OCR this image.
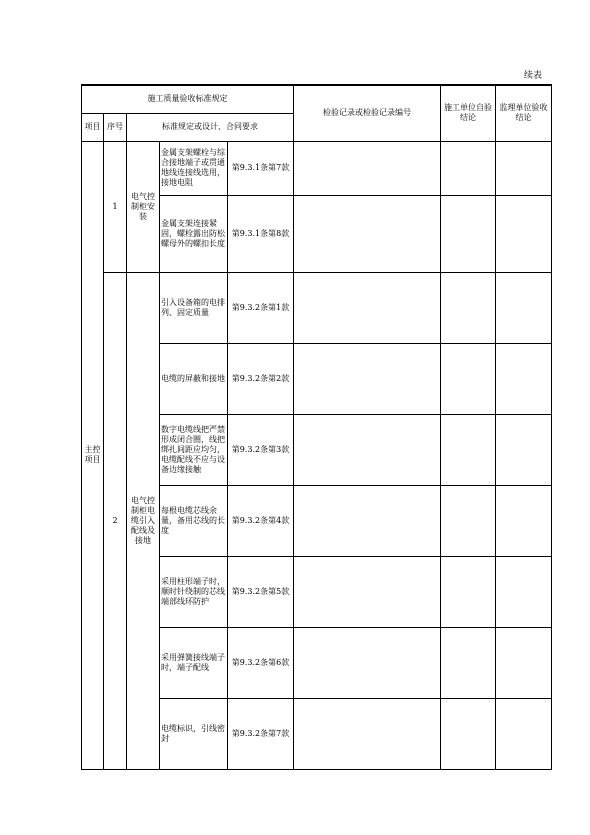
续表
施工质量验收标准规定					检验记录或检验记录编号	施工单位自验结论	监理单位验收结论
项目	序号	标准规定或设计、合同要求					
主控项目	1	电气控制柜安装	金属支架螺栓与综合接地端子或贯通地线连接线选用，接地电阻	第9.3.1条第7款			
			金属支架连接紧固，螺栓露出防松螺母外的螺扣长度	第9.3.1条第8款			
	2	电气控制柜电缆引入配线及接地	引入设备箱的电排列、固定质量	第9.3.2条第1款			
			电缆的屏蔽和接地	第9.3.2条第2款			
			数字电缆线把严禁形成闭合圈，线把绑扎间距应均匀，电缆配线不应与设备边缘接触	第9.3.2条第3款			
			每根电缆芯线余量，备用芯线的长度	第9.3.2条第4款			
			采用柱形端子时，顺时针绕制的芯线端部线环防护	第9.3.2条第5款			
			采用弹簧接线端子时，端子配线	第9.3.2条第6款			
			电缆标识，引线密封	第9.3.2条第7款			
